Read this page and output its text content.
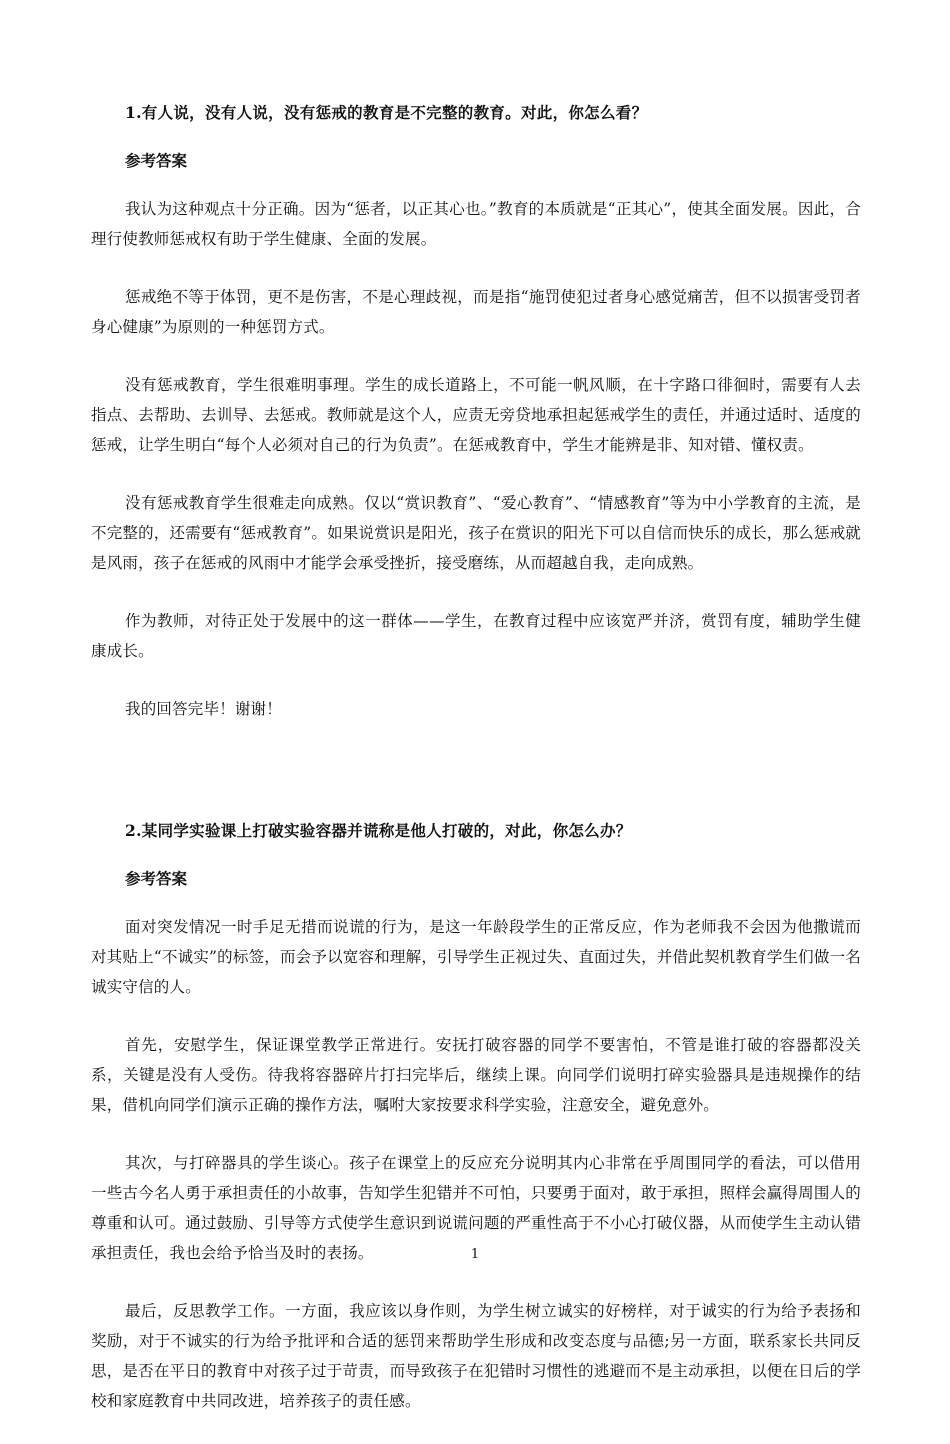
1.有人说，没有人说，没有惩戒的教育是不完整的教育。对此，你怎么看？

参考答案

我认为这种观点十分正确。因为“惩者，以正其心也。”教育的本质就是“正其心”，使其全面发展。因此，合理行使教师惩戒权有助于学生健康、全面的发展。

惩戒绝不等于体罚，更不是伤害，不是心理歧视，而是指“施罚使犯过者身心感觉痛苦，但不以损害受罚者身心健康”为原则的一种惩罚方式。

没有惩戒教育，学生很难明事理。学生的成长道路上，不可能一帆风顺，在十字路口徘徊时，需要有人去指点、去帮助、去训导、去惩戒。教师就是这个人，应责无旁贷地承担起惩戒学生的责任，并通过适时、适度的惩戒，让学生明白“每个人必须对自己的行为负责”。在惩戒教育中，学生才能辨是非、知对错、懂权责。

没有惩戒教育学生很难走向成熟。仅以“赏识教育”、“爱心教育”、“情感教育”等为中小学教育的主流，是不完整的，还需要有“惩戒教育”。如果说赏识是阳光，孩子在赏识的阳光下可以自信而快乐的成长，那么惩戒就是风雨，孩子在惩戒的风雨中才能学会承受挫折，接受磨练，从而超越自我，走向成熟。

作为教师，对待正处于发展中的这一群体——学生，在教育过程中应该宽严并济，赏罚有度，辅助学生健康成长。

我的回答完毕！谢谢！

2.某同学实验课上打破实验容器并谎称是他人打破的，对此，你怎么办？

参考答案

面对突发情况一时手足无措而说谎的行为，是这一年龄段学生的正常反应，作为老师我不会因为他撒谎而对其贴上“不诚实”的标签，而会予以宽容和理解，引导学生正视过失、直面过失，并借此契机教育学生们做一名诚实守信的人。

首先，安慰学生，保证课堂教学正常进行。安抚打破容器的同学不要害怕，不管是谁打破的容器都没关系，关键是没有人受伤。待我将容器碎片打扫完毕后，继续上课。向同学们说明打碎实验器具是违规操作的结果，借机向同学们演示正确的操作方法，嘱咐大家按要求科学实验，注意安全，避免意外。

其次，与打碎器具的学生谈心。孩子在课堂上的反应充分说明其内心非常在乎周围同学的看法，可以借用一些古今名人勇于承担责任的小故事，告知学生犯错并不可怕，只要勇于面对，敢于承担，照样会赢得周围人的尊重和认可。通过鼓励、引导等方式使学生意识到说谎问题的严重性高于不小心打破仪器，从而使学生主动认错承担责任，我也会给予恰当及时的表扬。

最后，反思教学工作。一方面，我应该以身作则，为学生树立诚实的好榜样，对于诚实的行为给予表扬和奖励，对于不诚实的行为给予批评和合适的惩罚来帮助学生形成和改变态度与品德;另一方面，联系家长共同反思，是否在平日的教育中对孩子过于苛责，而导致孩子在犯错时习惯性的逃避而不是主动承担，以便在日后的学校和家庭教育中共同改进，培养孩子的责任感。

1
